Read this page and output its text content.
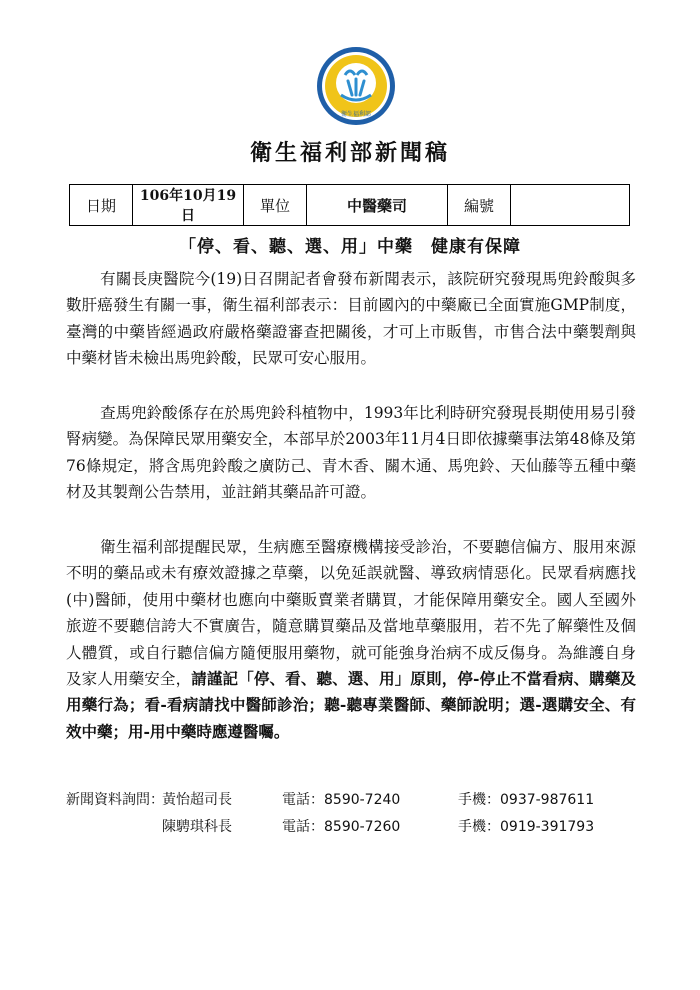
衛生福利部
衛生福利部新聞稿
日期	106年10月19日	單位	中醫藥司	編號	
「停、看、聽、選、用」中藥　健康有保障

有關長庚醫院今(19)日召開記者會發布新聞表示，該院研究發現馬兜鈴酸與多數肝癌發生有關一事，衛生福利部表示：目前國內的中藥廠已全面實施GMP制度，臺灣的中藥皆經過政府嚴格藥證審查把關後，才可上市販售，市售合法中藥製劑與中藥材皆未檢出馬兜鈴酸，民眾可安心服用。

查馬兜鈴酸係存在於馬兜鈴科植物中，1993年比利時研究發現長期使用易引發腎病變。為保障民眾用藥安全，本部早於2003年11月4日即依據藥事法第48條及第76條規定，將含馬兜鈴酸之廣防己、青木香、關木通、馬兜鈴、天仙藤等五種中藥材及其製劑公告禁用，並註銷其藥品許可證。

衛生福利部提醒民眾，生病應至醫療機構接受診治，不要聽信偏方、服用來源不明的藥品或未有療效證據之草藥，以免延誤就醫、導致病情惡化。民眾看病應找(中)醫師，使用中藥材也應向中藥販賣業者購買，才能保障用藥安全。國人至國外旅遊不要聽信誇大不實廣告，隨意購買藥品及當地草藥服用，若不先了解藥性及個人體質，或自行聽信偏方隨便服用藥物，就可能強身治病不成反傷身。為維護自身及家人用藥安全，請謹記「停、看、聽、選、用」原則，停-停止不當看病、購藥及用藥行為；看-看病請找中醫師診治；聽-聽專業醫師、藥師說明；選-選購安全、有效中藥；用-用中藥時應遵醫囑。

新聞資料詢問：
黃怡超司長	電話：8590-7240	手機：0937-987611
陳騁琪科長	電話：8590-7260	手機：0919-391793
